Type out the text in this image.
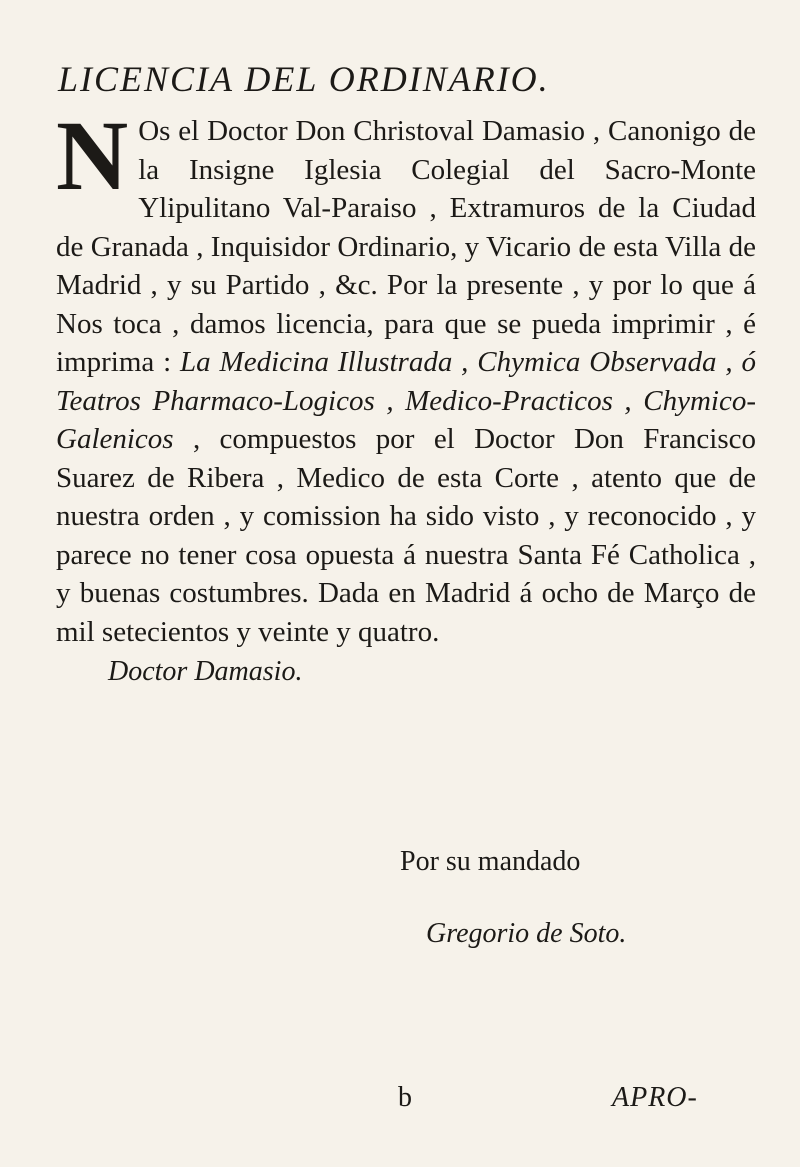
LICENCIA DEL ORDINARIO.
N Os el Doctor Don Christoval Damasio , Canonigo de la Insigne Iglesia Colegial del Sacro-Monte Ylipulitano Val-Paraiso , Extramuros de la Ciudad de Granada , Inquisidor Ordinario, y Vicario de esta Villa de Madrid , y su Partido , &c. Por la presente , y por lo que á Nos toca , damos licencia, para que se pueda imprimir , é imprima : La Medicina Illustrada , Chymica Observada , ó Teatros Pharmaco-Logicos , Medico-Practicos , Chymico-Galenicos , compuestos por el Doctor Don Francisco Suarez de Ribera , Medico de esta Corte , atento que de nuestra orden , y comission ha sido visto , y reconocido , y parece no tener cosa opuesta á nuestra Santa Fé Catholica , y buenas costumbres. Dada en Madrid á ocho de Março de mil setecientos y veinte y quatro.
Doctor Damasio.
Por su mandado
Gregorio de Soto.
b	APRO-
